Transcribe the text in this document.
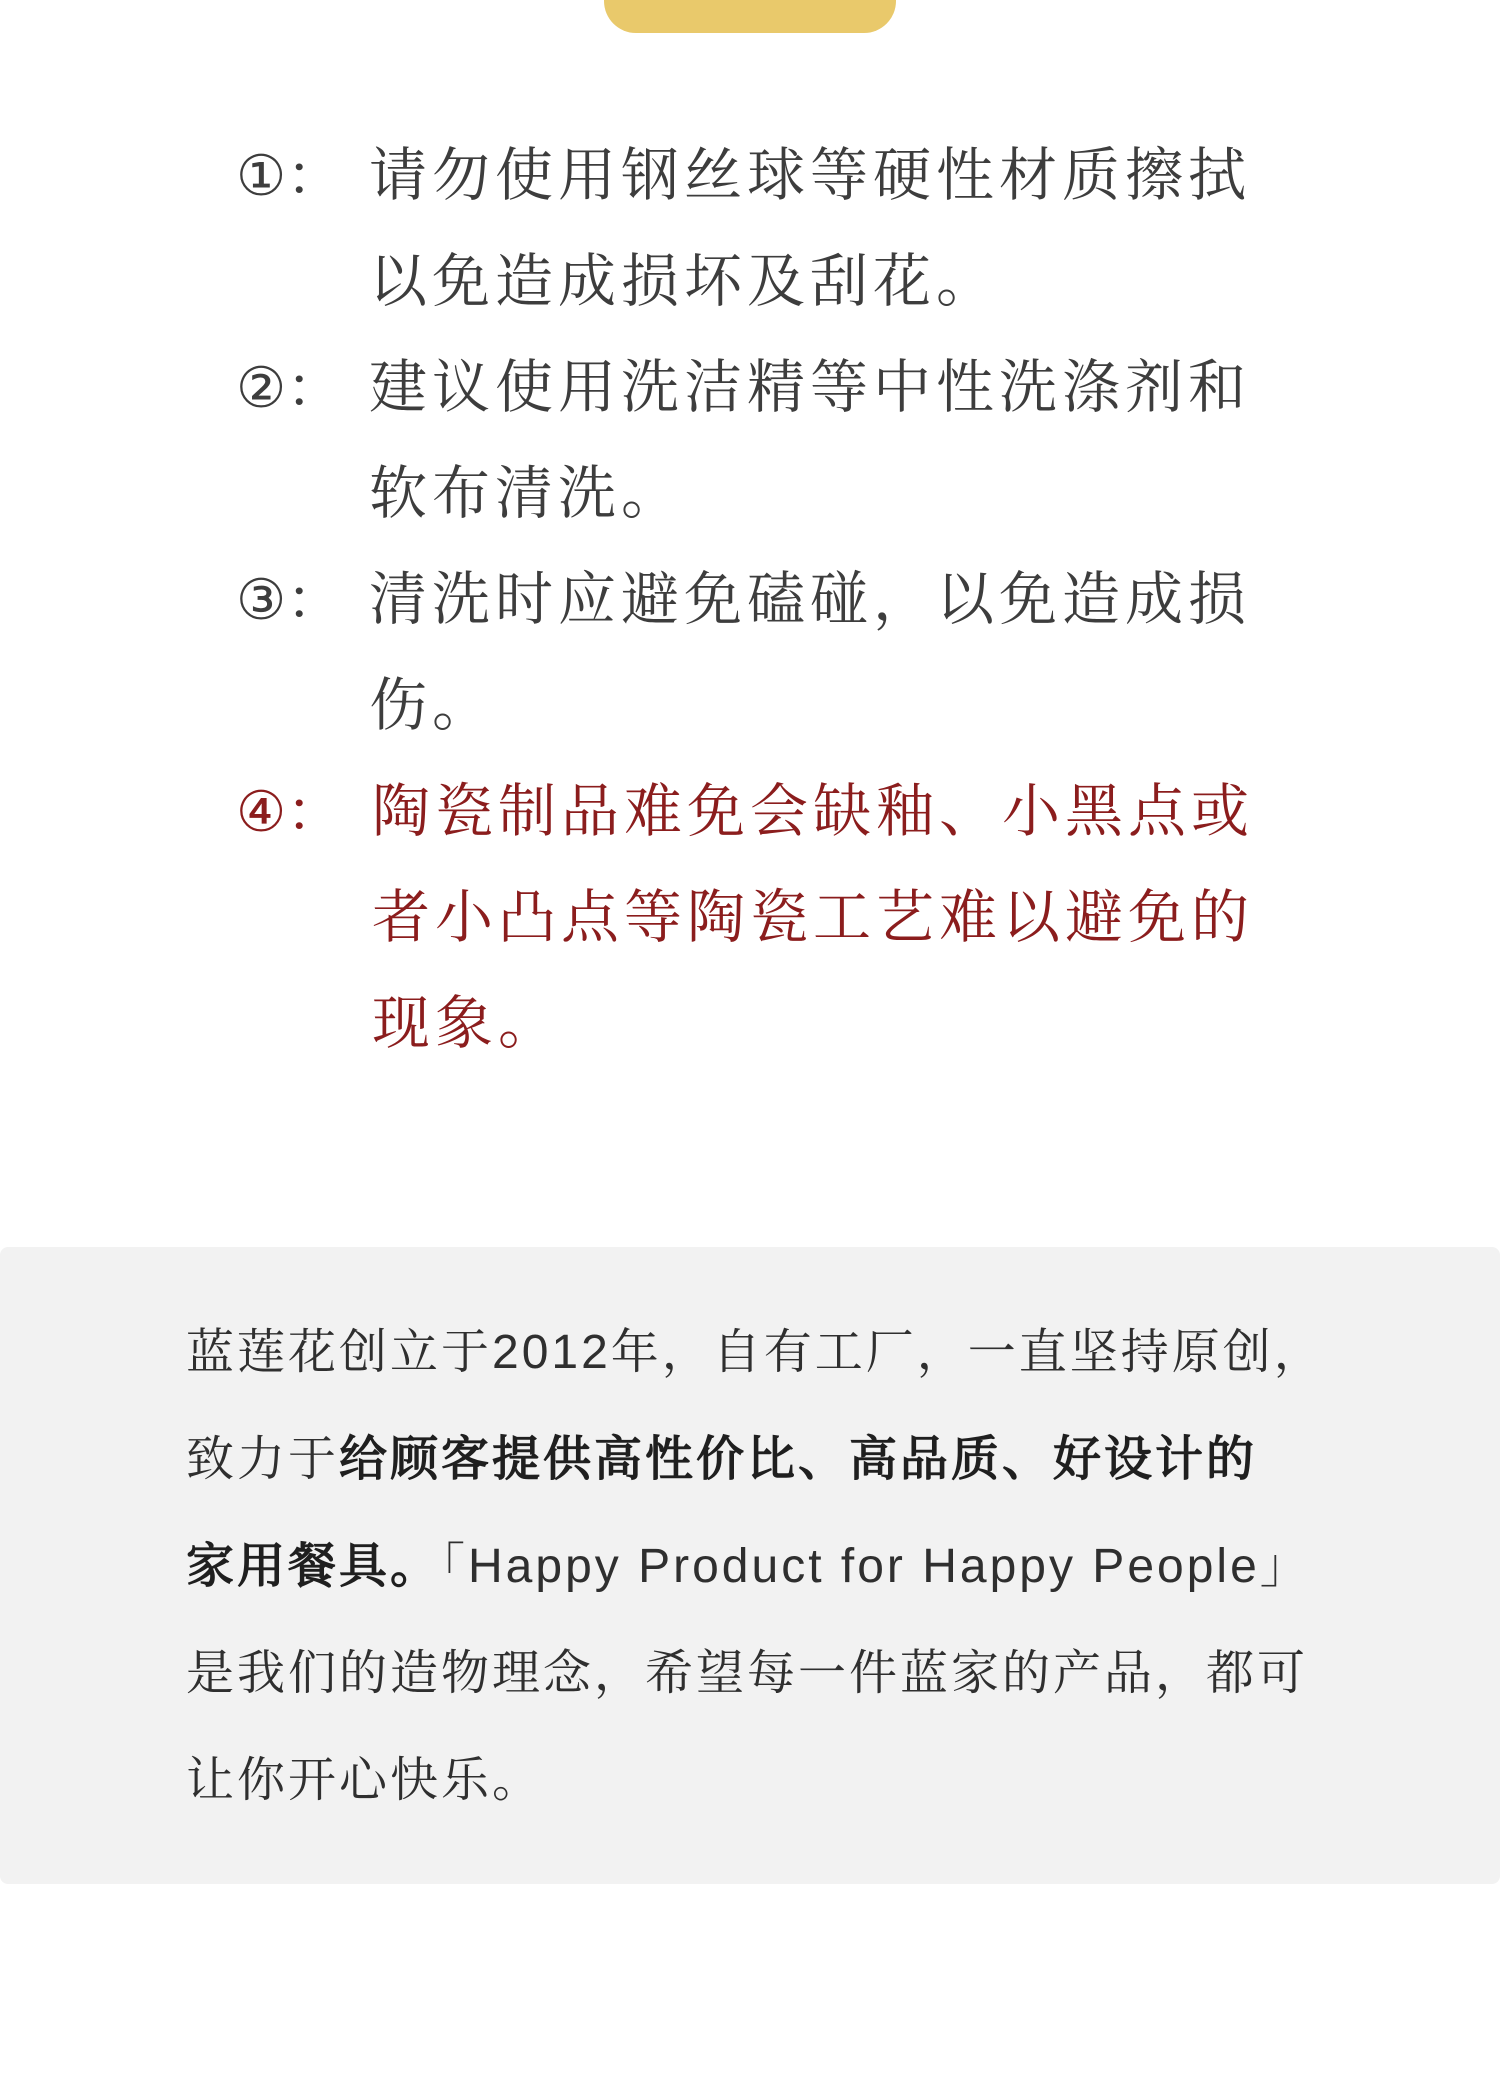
①： 请勿使用钢丝球等硬性材质擦拭
以免造成损坏及刮花。
②： 建议使用洗洁精等中性洗涤剂和
软布清洗。
③： 清洗时应避免磕碰，以免造成损
伤。
④： 陶瓷制品难免会缺釉、小黑点或
者小凸点等陶瓷工艺难以避免的
现象。
蓝莲花创立于2012年，自有工厂，一直坚持原创，
致力于给顾客提供高性价比、高品质、好设计的
家用餐具。「Happy Product for Happy People」
是我们的造物理念，希望每一件蓝家的产品，都可
让你开心快乐。
